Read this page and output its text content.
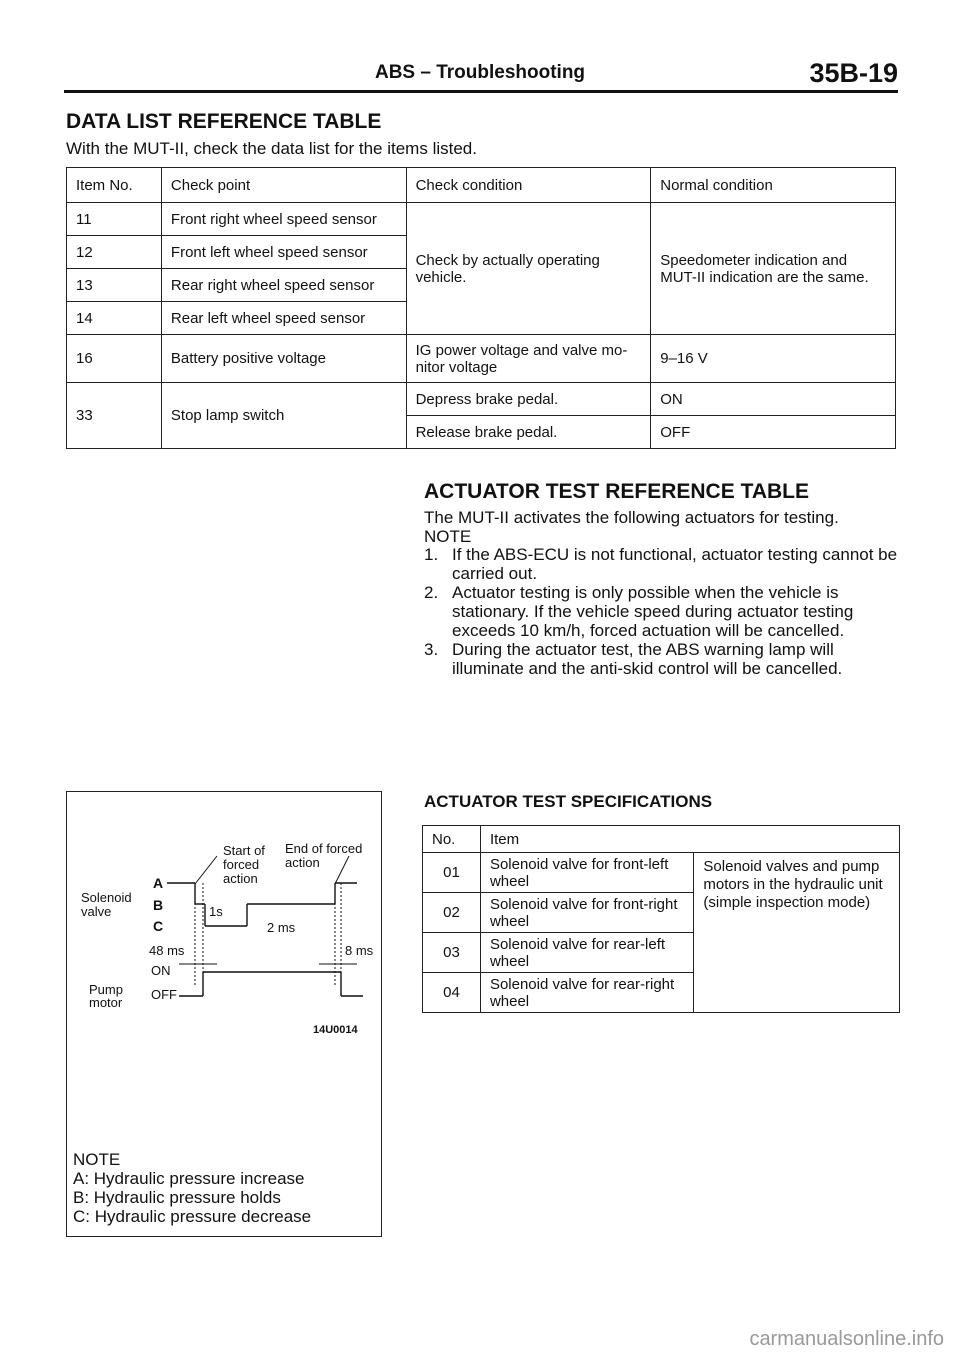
ABS – Troubleshooting	35B-19
DATA LIST REFERENCE TABLE
With the MUT-II, check the data list for the items listed.
Item No.	Check point	Check condition	Normal condition
11	Front right wheel speed sensor	Check by actually operating vehicle.	Speedometer indication and MUT-II indication are the same.
12	Front left wheel speed sensor		
13	Rear right wheel speed sensor		
14	Rear left wheel speed sensor		
16	Battery positive voltage	IG power voltage and valve mo-nitor voltage	9–16 V
33	Stop lamp switch	Depress brake pedal.	ON
		Release brake pedal.	OFF
ACTUATOR TEST REFERENCE TABLE
The MUT-II activates the following actuators for testing.
NOTE
1. If the ABS-ECU is not functional, actuator testing cannot be carried out.
2. Actuator testing is only possible when the vehicle is stationary. If the vehicle speed during actuator testing exceeds 10 km/h, forced actuation will be cancelled.
3. During the actuator test, the ABS warning lamp will illuminate and the anti-skid control will be cancelled.
ACTUATOR TEST SPECIFICATIONS
No.	Item	
01	Solenoid valve for front-left wheel	Solenoid valves and pump motors in the hydraulic unit (simple inspection mode)
02	Solenoid valve for front-right wheel	
03	Solenoid valve for rear-left wheel	
04	Solenoid valve for rear-right wheel	
Start of
forced
action
End of forced
action
Solenoid
valve
A
B
C
1s
2 ms
48 ms	8 ms
ON
OFF
Pump
motor
14U0014
NOTE
A: Hydraulic pressure increase
B: Hydraulic pressure holds
C: Hydraulic pressure decrease
carmanualsonline.info
